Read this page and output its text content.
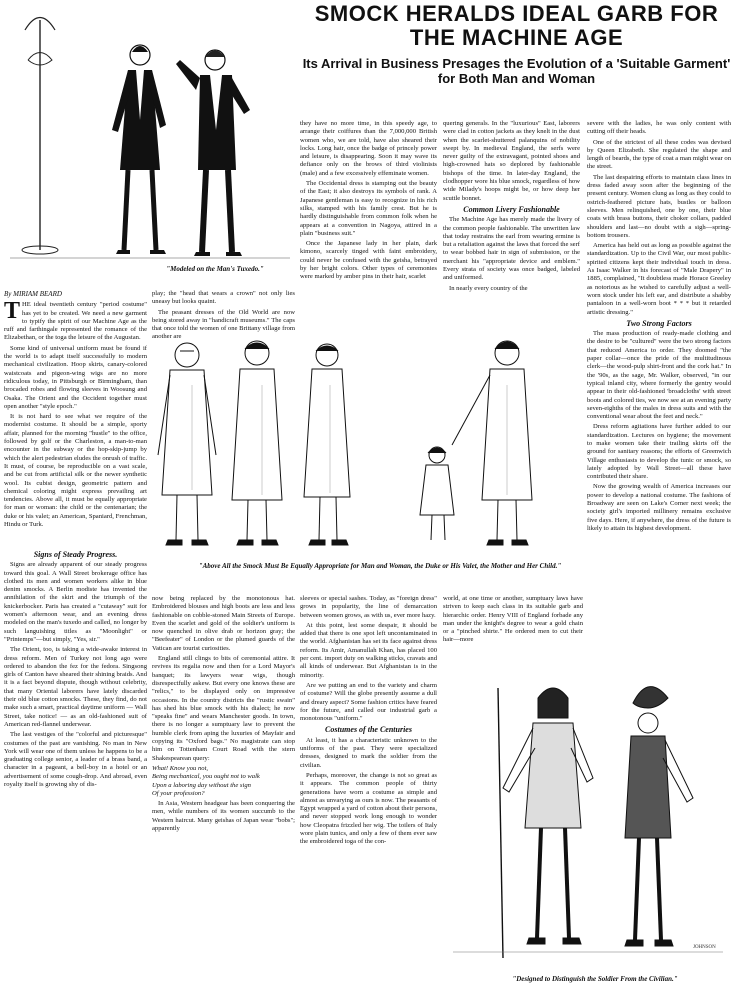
SMOCK HERALDS IDEAL GARB FOR THE MACHINE AGE
Its Arrival in Business Presages the Evolution of a 'Suitable Garment' for Both Man and Woman
"Modeled on the Man's Tuxedo."
By MIRIAM BEARD

THE ideal twentieth century "period costume" has yet to be created. We need a new garment to typify the spirit of our Machine Age as the ruff and farthingale represented the romance of the Elizabethan, or the toga the leisure of the Augustan.

Some kind of universal uniform must be found if the world is to adapt itself successfully to modern mechanical civilization. Hoop skirts, canary-colored waistcoats and pigeon-wing wigs are no more ridiculous today, in Pittsburgh or Birmingham, than brocaded robes and flowing sleeves in Woosung and Osaka. The Orient and the Occident together must open another "style epoch."

It is not hard to see what we require of the modernist costume. It should be a simple, sporty affair, planned for the morning "hustle" to the office, followed by golf or the Charleston, a man-to-man encounter in the subway or the hop-skip-jump by which the alert pedestrian eludes the onrush of traffic. It must, of course, be reproducible on a vast scale, and be cut from artificial silk or the newer synthetic wool. Its cubist design, geometric pattern and chemical coloring might express prevailing art tendencies. Above all, it must be equally appropriate for man or woman: the child or the centenarian; the duke or his valet; an American, Spaniard, Frenchman, Hindu or Turk.

play; the "head that wears a crown" not only lies uneasy but looks quaint.

The peasant dresses of the Old World are now being stored away in "handicraft museums." The caps that once told the women of one Brittany village from another are

they have no more time, in this speedy age, to arrange their coiffures than the 7,000,000 British women who, we are told, have also sheared their locks. Long hair, once the badge of princely power and leisure, is disappearing. Soon it may wave its defiance only on the brows of third violinists (male) and a few excessively effeminate women.

The Occidental dress is stamping out the beauty of the East; it also destroys its symbols of rank. A Japanese gentleman is easy to recognize in his rich silks, stamped with his family crest. But he is hardly distinguishable from common folk when he appears at a convention in Nagoya, attired in a plain "business suit."

Once the Japanese lady in her plain, dark kimono, scarcely tinged with faint embroidery, could never be confused with the geisha, betrayed by her bright colors. Other types of ceremonies were marked by amber pins in their hair, scarlet

quering generals. In the "luxurious" East, laborers were clad in cotton jackets as they knelt in the dust when the scarlet-shuttered palanquins of nobility swept by. In medieval England, the serfs were never guilty of the extravagant, pointed shoes and high-crowned hats so deplored by fashionable bishops of the time. In later-day England, the clodhopper wore his blue smock, regardless of how wide Milady's hoops might be, or how deep her scuttle bonnet.

Common Livery Fashionable

The Machine Age has merely made the livery of the common people fashionable. The unwritten law that today restrains the earl from wearing ermine is but a retaliation against the laws that forced the serf to wear bobbed hair in sign of submission, or the merchant his "appropriate device and emblem." Every strata of society was once badged, labeled and uniformed.

In nearly every country of the

severe with the ladies, he was only content with cutting off their heads.

One of the strictest of all these codes was devised by Queen Elizabeth. She regulated the shape and length of beards, the type of coat a man might wear on the street.

The last despairing efforts to maintain class lines in dress faded away soon after the beginning of the present century. Women clung as long as they could to ostrich-feathered picture hats, bustles or balloon sleeves. Men relinquished, one by one, their blue coats with brass buttons, their choker collars, padded shoulders and last—no doubt with a sigh—spring-bottom trousers.

America has held out as long as possible against the standardization. Up to the Civil War, our most public-spirited citizens kept their individual touch in dress. As Isaac Walker in his forecast of "Male Drapery" in 1885, complained, "It doubtless made Horace Greeley as notorious as he wished to carefully adjust a well-worn stock under his left ear, and distribute a shabby pantaloon in a well-worn boot * * * but it retarded artistic dressing."

Two Strong Factors

The mass production of ready-made clothing and the desire to be "cultured" were the two strong factors that reduced America to order. They doomed "the paper collar—once the pride of the multitudinous clerk—the wood-pulp shirt-front and the cork hat." In the '90s, as the sage, Mr. Walker, observed, "in our typical inland city, where formerly the gentry would appear in their old-fashioned 'broadcloths' with street boots and colored ties, we now see at an evening party seven-eighths of the males in dress suits and with the conventional wear about the feet and neck."

Dress reform agitations have further added to our standardization. Lectures on hygiene; the movement to make women take their trailing skirts off the ground for sanitary reasons; the efforts of Greenwich Village enthusiasts to develop the tunic or smock, so lately adopted by Wall Street—all these have contributed their share.

Now the growing wealth of America increases our power to develop a national costume. The fashions of Broadway are seen on Lake's Corner next week; the society girl's imported millinery remains exclusive five days. Here, if anywhere, the dress of the future is likely to attain its highest development.

"Above All the Smock Must Be Equally Appropriate for Man and Woman, the Duke or His Valet, the Mother and Her Child."
Signs of Steady Progress.

Signs are already apparent of our steady progress toward this goal. A Wall Street brokerage office has clothed its men and women workers alike in blue denim smocks. A Berlin modiste has invented the annihilation of the skirt and the triumph of the knickerbocker. Paris has created a "cutaway" suit for women's afternoon wear, and an evening dress modeled on the man's tuxedo and called, no longer by such languishing titles as "Moonlight" or "Printemps"—but simply, "Yes, sir."

The Orient, too, is taking a wide-awake interest in dress reform. Men of Turkey not long ago were ordered to abandon the fez for the fedora. Singsong girls of Canton have sheared their shining braids. And it is a fact beyond dispute, though without celebrity, that many Oriental laborers have lately discarded their old blue cotton smocks. These, they find, do not make such a smart, practical daytime uniform — Wall Street, take notice! — as an old-fashioned suit of American red-flannel underwear.

The last vestiges of the "colorful and picturesque" costumes of the past are vanishing. No man in New York will wear one of them unless he happens to be a graduating college senior, a leader of a brass band, a character in a pageant, a bell-boy in a hotel or an advertisement of some cough-drop. And abroad, even royalty itself is growing shy of dis-

now being replaced by the monotonous hat. Embroidered blouses and high boots are less and less fashionable on cobble-stoned Main Streets of Europe. Even the scarlet and gold of the soldier's uniform is now quenched in olive drab or horizon gray; the "Beefeater" of London or the plumed guards of the Vatican are tourist curiosities.

England still clings to bits of ceremonial attire. It revives its regalia now and then for a Lord Mayor's banquet; its lawyers wear wigs, though disrespectfully askew. But every one knows these are "relics," to be displayed only on impressive occasions. In the country districts the "rustic swain" has shed his blue smock with his dialect; he now "speaks fine" and wears Manchester goods. In town, there is no longer a sumptuary law to prevent the humble clerk from aping the luxuries of Mayfair and copying its "Oxford bags." No magistrate can stop him on Tottenham Court Road with the stern Shakespearean query:

What! Know you not,

Being mechanical, you ought not to walk

Upon a laboring day without the sign

Of your profession?

In Asia, Western headgear has been conquering the men, while numbers of its women succumb to the Western haircut. Many geishas of Japan wear "bobs"; apparently

sleeves or special sashes. Today, as "foreign dress" grows in popularity, the line of demarcation between women grows, as with us, ever more hazy.

At this point, lest some despair, it should be added that there is one spot left uncontaminated in the world. Afghanistan has set its face against dress reform. Its Amir, Amanullah Khan, has placed 100 per cent. import duty on walking sticks, cravats and all kinds of underwear. But Afghanistan is in the minority.

Are we putting an end to the variety and charm of costume? Will the globe presently assume a dull and dreary aspect? Some fashion critics have feared for the future, and called our industrial garb a monotonous "uniform."

Costumes of the Centuries

At least, it has a characteristic unknown to the uniforms of the past. They were specialized dresses, designed to mark the soldier from the civilian.

Perhaps, moreover, the change is not so great as it appears. The common people of thirty generations have worn a costume as simple and almost as unvarying as ours is now. The peasants of Egypt wrapped a yard of cotton about their persons, and never stopped work long enough to wonder how Cleopatra frizzled her wig. The toilers of Italy wore plain tunics, and only a few of them ever saw the embroidered toga of the con-

world, at one time or another, sumptuary laws have striven to keep each class in its suitable garb and hierarchic order. Henry VIII of England forbade any man under the knight's degree to wear a gold chain or a "pinched shirte." He ordered men to cut their hair—more

JOHNSON
"Designed to Distinguish the Soldier From the Civilian."
